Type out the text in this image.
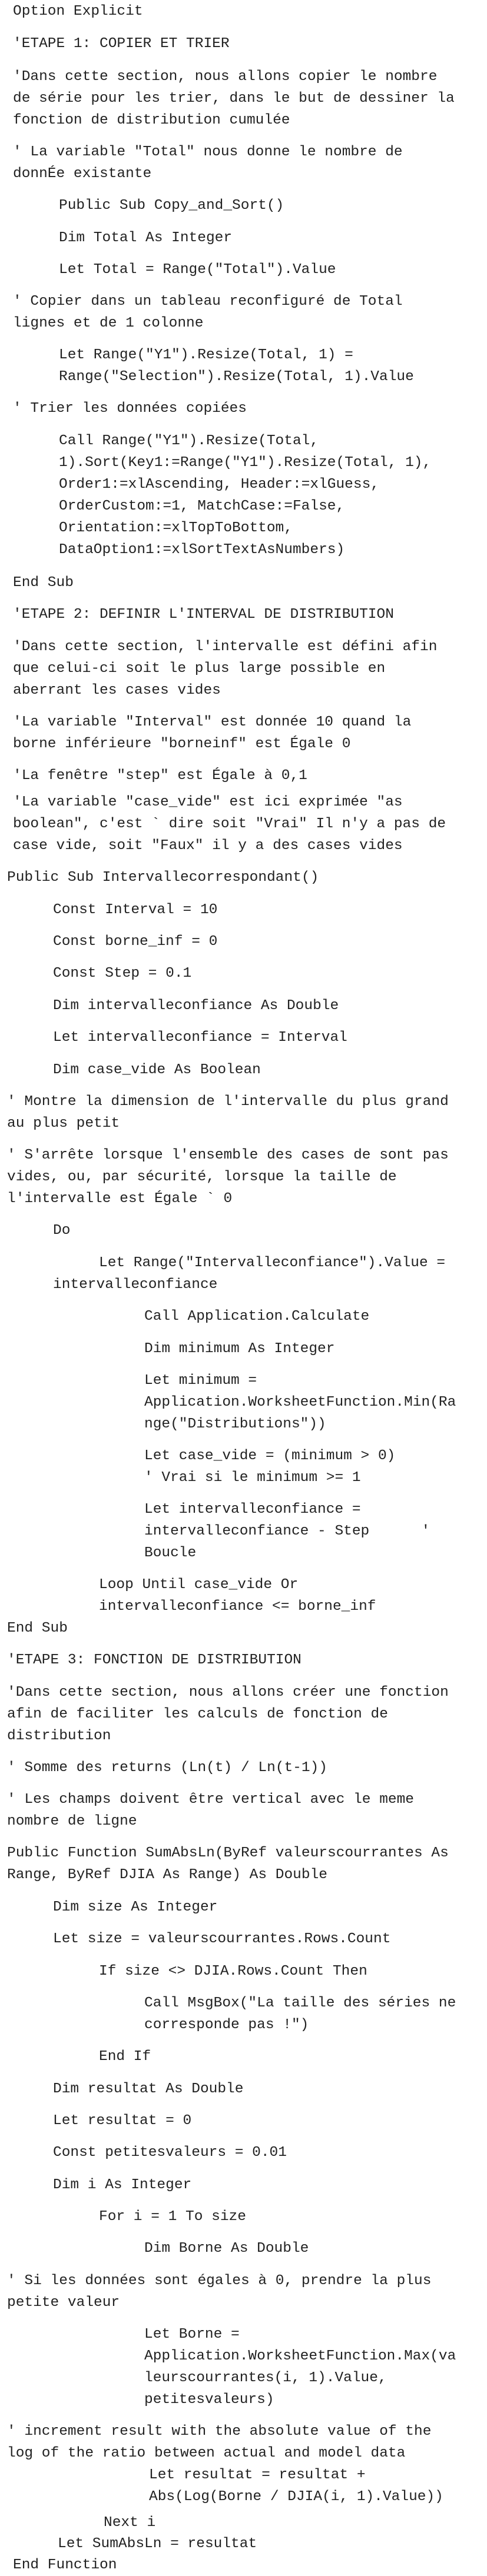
Option Explicit

'ETAPE 1: COPIER ET TRIER

'Dans cette section, nous allons copier le nombre

de série pour les trier, dans le but de dessiner la

fonction de distribution cumulée

' La variable "Total" nous donne le nombre de

donnÉe existante

Public Sub Copy_and_Sort()

Dim Total As Integer

Let Total = Range("Total").Value

' Copier dans un tableau reconfiguré de Total

lignes et de 1 colonne

Let Range("Y1").Resize(Total, 1) =

Range("Selection").Resize(Total, 1).Value

' Trier les données copiées

Call Range("Y1").Resize(Total,

1).Sort(Key1:=Range("Y1").Resize(Total, 1),

Order1:=xlAscending, Header:=xlGuess,

OrderCustom:=1, MatchCase:=False,

Orientation:=xlTopToBottom,

DataOption1:=xlSortTextAsNumbers)

End Sub

'ETAPE 2: DEFINIR L'INTERVAL DE DISTRIBUTION

'Dans cette section, l'intervalle est défini afin

que celui-ci soit le plus large possible en

aberrant les cases vides

'La variable "Interval" est donnée 10 quand la

borne inférieure "borneinf" est Égale 0

'La fenêtre "step" est Égale à 0,1

'La variable "case_vide" est ici exprimée "as

boolean", c'est ` dire soit "Vrai" Il n'y a pas de

case vide, soit "Faux" il y a des cases vides

Public Sub Intervallecorrespondant()

Const Interval = 10

Const borne_inf = 0

Const Step = 0.1

Dim intervalleconfiance As Double

Let intervalleconfiance = Interval

Dim case_vide As Boolean

' Montre la dimension de l'intervalle du plus grand

au plus petit

' S'arrête lorsque l'ensemble des cases de sont pas

vides, ou, par sécurité, lorsque la taille de

l'intervalle est Égale ` 0

Do

Let Range("Intervalleconfiance").Value =

intervalleconfiance

Call Application.Calculate

Dim minimum As Integer

Let minimum =

Application.WorksheetFunction.Min(Ra

nge("Distributions"))

Let case_vide = (minimum > 0)

' Vrai si le minimum >= 1

Let intervalleconfiance =

intervalleconfiance - Step      '

Boucle

Loop Until case_vide Or

intervalleconfiance <= borne_inf

End Sub

'ETAPE 3: FONCTION DE DISTRIBUTION

'Dans cette section, nous allons créer une fonction

afin de faciliter les calculs de fonction de

distribution

' Somme des returns (Ln(t) / Ln(t-1))

' Les champs doivent être vertical avec le meme

nombre de ligne

Public Function SumAbsLn(ByRef valeurscourrantes As

Range, ByRef DJIA As Range) As Double

Dim size As Integer

Let size = valeurscourrantes.Rows.Count

If size <> DJIA.Rows.Count Then

Call MsgBox("La taille des séries ne

corresponde pas !")

End If

Dim resultat As Double

Let resultat = 0

Const petitesvaleurs = 0.01

Dim i As Integer

For i = 1 To size

Dim Borne As Double

' Si les données sont égales à 0, prendre la plus

petite valeur

Let Borne =

Application.WorksheetFunction.Max(va

leurscourrantes(i, 1).Value,

petitesvaleurs)

' increment result with the absolute value of the

log of the ratio between actual and model data

Let resultat = resultat +

Abs(Log(Borne / DJIA(i, 1).Value))

Next i

Let SumAbsLn = resultat

End Function
